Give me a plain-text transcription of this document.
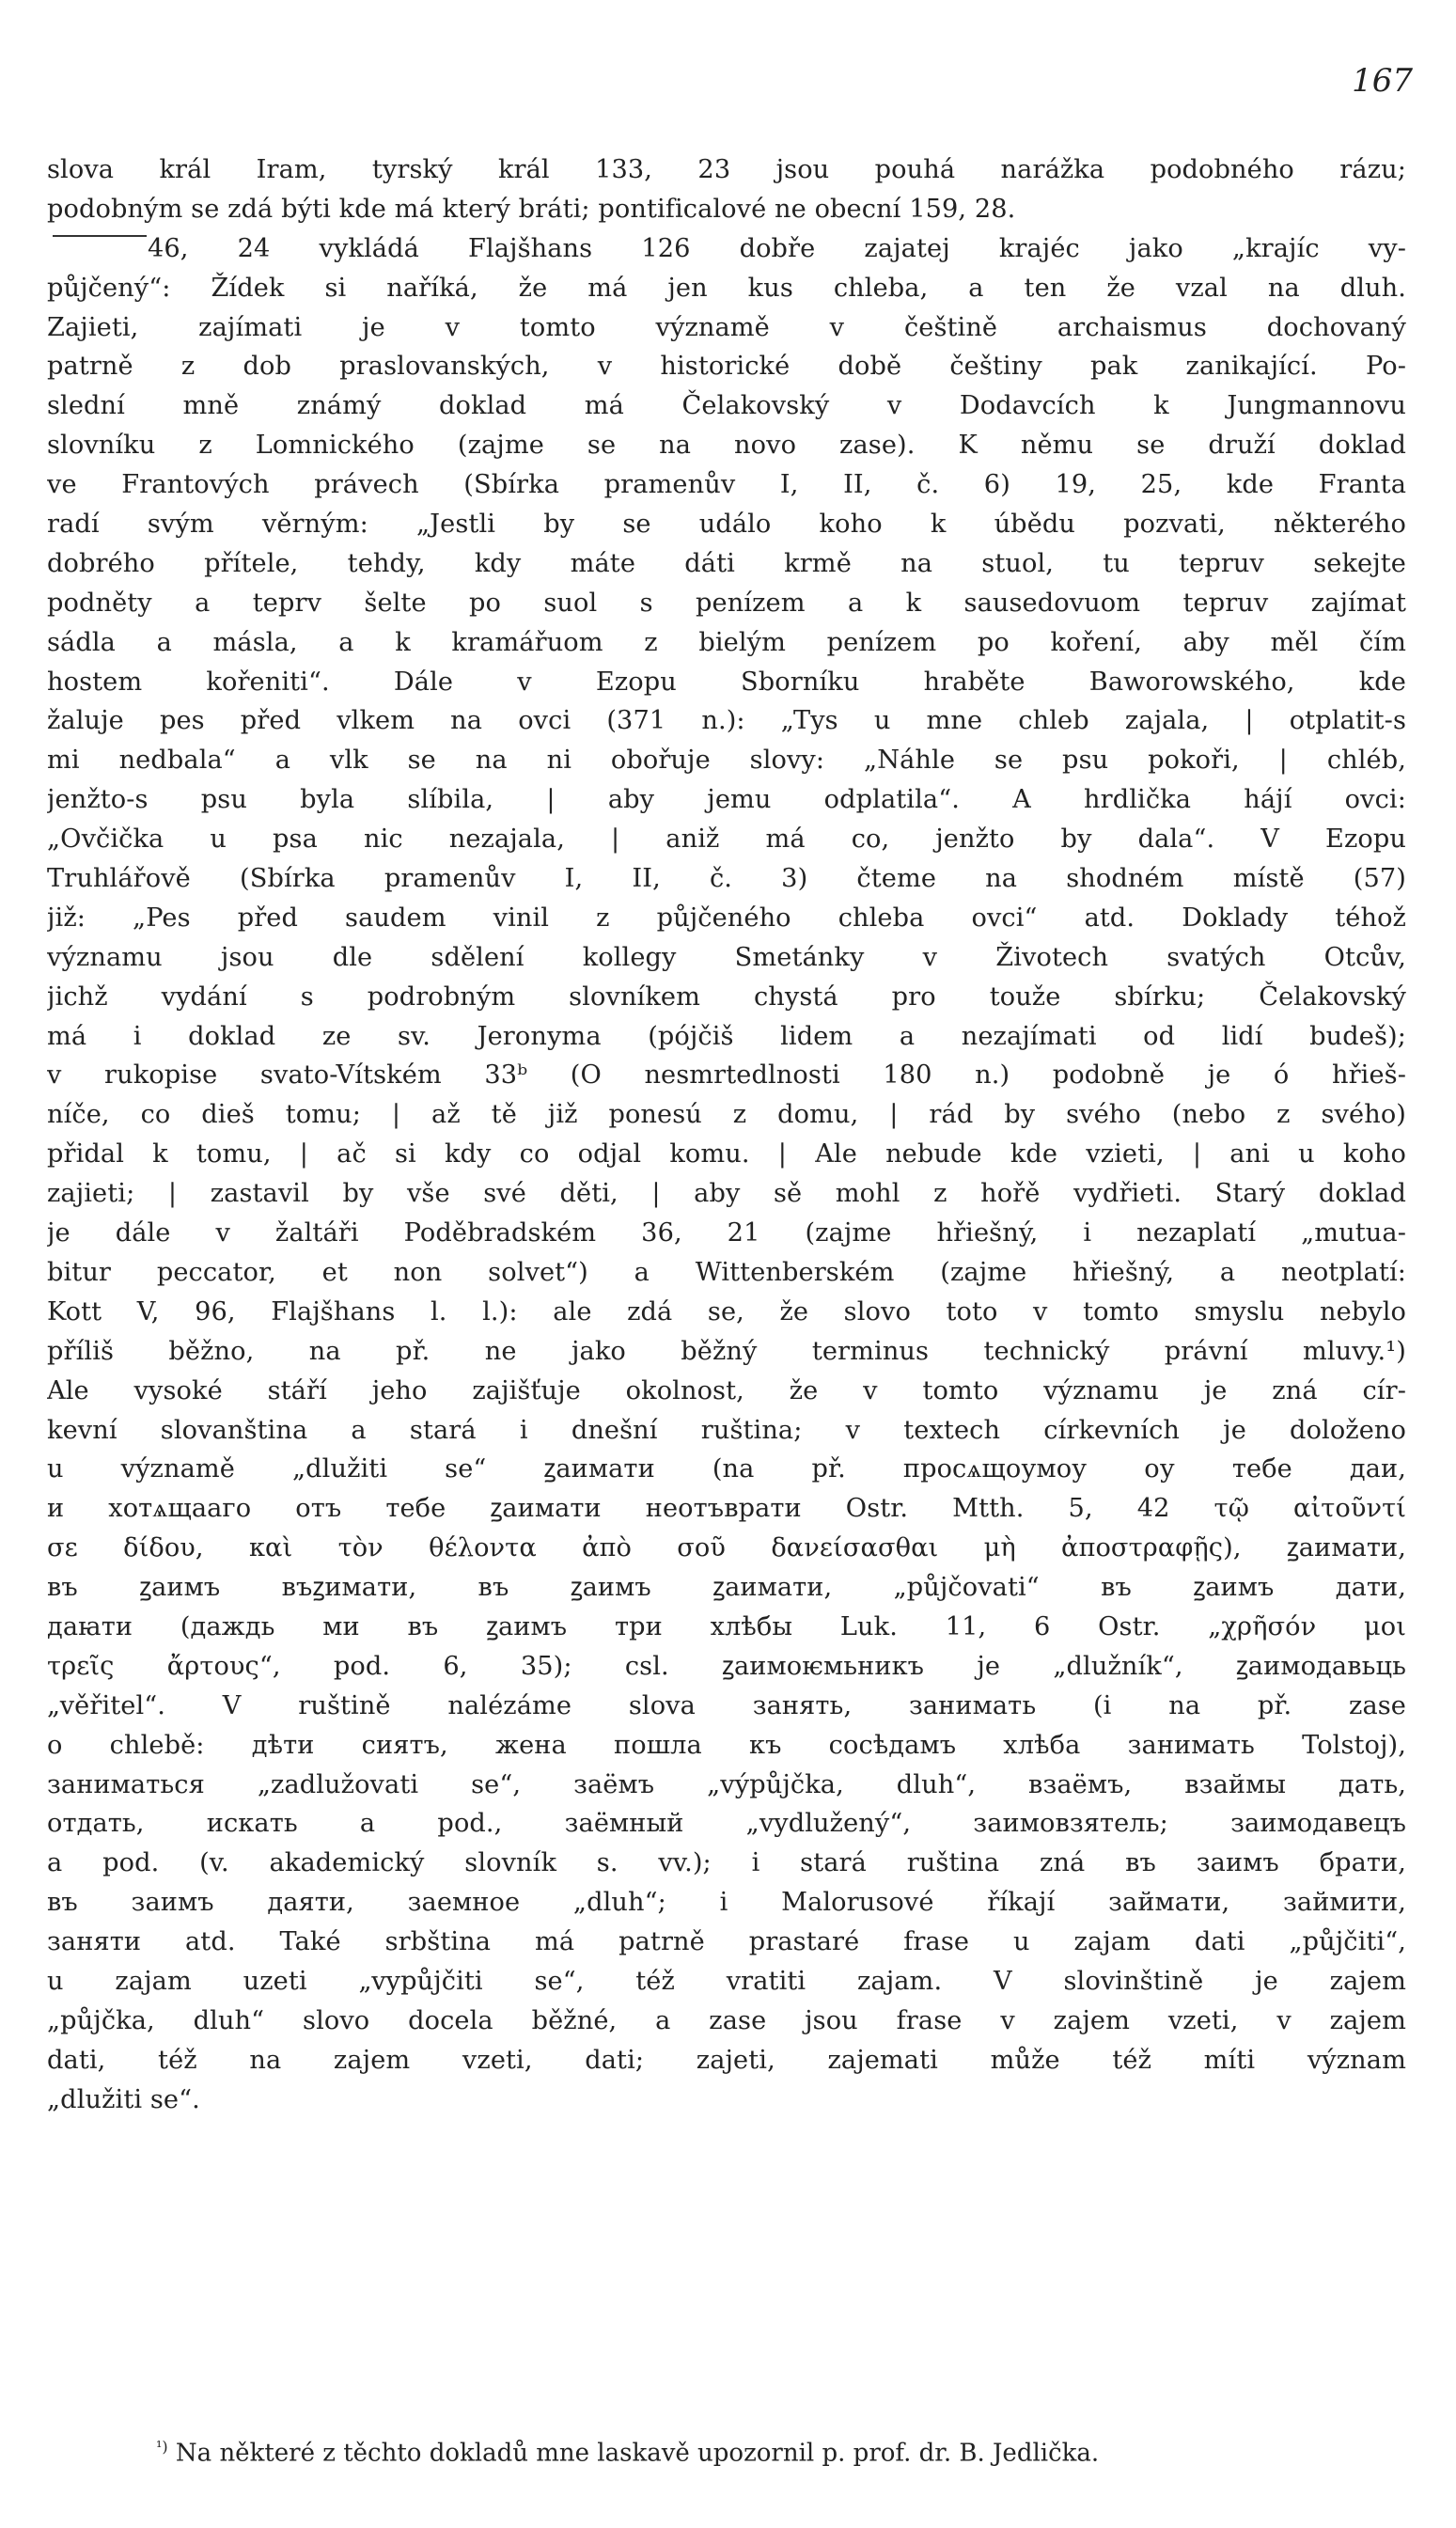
167
slova král Iram, tyrský král 133, 23 jsou pouhá narážka podobného rázu;
podobným se zdá býti kde má který bráti; pontificalové ne obecní 159, 28.
46, 24 vykládá Flajšhans 126 dobře zajatej krajéc jako „krajíc vy-
půjčený“: Žídek si naříká, že má jen kus chleba, a ten že vzal na dluh.
Zajieti, zajímati je v tomto významě v češtině archaismus dochovaný
patrně z dob praslovanských, v historické době češtiny pak zanikající. Po-
slední mně známý doklad má Čelakovský v Dodavcích k Jungmannovu
slovníku z Lomnického (zajme se na novo zase). K němu se druží doklad
ve Frantových právech (Sbírka pramenův I, II, č. 6) 19, 25, kde Franta
radí svým věrným: „Jestli by se událo koho k úbědu pozvati, některého
dobrého přítele, tehdy, kdy máte dáti krmě na stuol, tu tepruv sekejte
podněty a teprv šelte po suol s penízem a k sausedovuom tepruv zajímat
sádla a másla, a k kramářuom z bielým penízem po koření, aby měl čím
hostem kořeniti“. Dále v Ezopu Sborníku hraběte Baworowského, kde
žaluje pes před vlkem na ovci (371 n.): „Tys u mne chleb zajala, | otplatit-s
mi nedbala“ a vlk se na ni obořuje slovy: „Náhle se psu pokoři, | chléb,
jenžto-s psu byla slíbila, | aby jemu odplatila“. A hrdlička hájí ovci:
„Ovčička u psa nic nezajala, | aniž má co, jenžto by dala“. V Ezopu
Truhlářově (Sbírka pramenův I, II, č. 3) čteme na shodném místě (57)
již: „Pes před saudem vinil z půjčeného chleba ovci“ atd. Doklady téhož
významu jsou dle sdělení kollegy Smetánky v Životech svatých Otcův,
jichž vydání s podrobným slovníkem chystá pro touže sbírku; Čelakovský
má i doklad ze sv. Jeronyma (pójčiš lidem a nezajímati od lidí budeš);
v rukopise svato-Vítském 33ᵇ (O nesmrtedlnosti 180 n.) podobně je ó hřieš-
níče, co dieš tomu; | až tě již ponesú z domu, | rád by svého (nebo z svého)
přidal k tomu, | ač si kdy co odjal komu. | Ale nebude kde vzieti, | ani u koho
zajieti; | zastavil by vše své děti, | aby sě mohl z hořě vydřieti. Starý doklad
je dále v žaltáři Poděbradském 36, 21 (zajme hřiešný, i nezaplatí „mutua-
bitur peccator, et non solvet“) a Wittenberském (zajme hřiešný, a neotplatí:
Kott V, 96, Flajšhans l. l.): ale zdá se, že slovo toto v tomto smyslu nebylo
příliš běžno, na př. ne jako běžný terminus technický právní mluvy.¹)
Ale vysoké stáří jeho zajišťuje okolnost, že v tomto významu je zná cír-
kevní slovanština a stará i dnešní ruština; v textech církevních je doloženo
u významě „dlužiti se“ ꙁаимати (na př. просѧщоумоу оу тебе даи,
и хотѧщааго отъ тебе ꙁаимати неотъврати Ostr. Mtth. 5, 42 τῷ αἰτοῦντί
σε δίδου, καὶ τὸν θέλοντα ἀπὸ σοῦ δανείσασθαι μὴ ἀποστραφῇς), ꙁаимати,
въ ꙁаимъ въꙁимати, въ ꙁаимъ ꙁаимати, „půjčovati“ въ ꙁаимъ дати,
даꙗти (даждь ми въ ꙁаимъ три хлѣбы Luk. 11, 6 Ostr. „χρῆσόν μοι
τρεῖς ἄρτους“, pod. 6, 35); csl. ꙁаимоѥмьникъ je „dlužník“, ꙁаимодавьць
„věřitel“. V ruštině nalézáme slova занять, занимать (i na př. zase
o chlebě: дѣти сиятъ, жена пошла къ сосѣдамъ хлѣба занимать Tolstoj),
заниматься „zadlužovati se“, заёмъ „výpůjčka, dluh“, взаёмъ, взаймы дать,
отдать, искать a pod., заёмный „vydlužený“, заимовзятель; заимодавецъ
a pod. (v. akademický slovník s. vv.); i stará ruština zná въ заимъ брати,
въ заимъ даяти, заемное „dluh“; i Malorusové říkají займати, займити,
заняти atd. Také srbština má patrně prastaré frase u zajam dati „půjčiti“,
u zajam uzeti „vypůjčiti se“, též vratiti zajam. V slovinštině je zajem
„půjčka, dluh“ slovo docela běžné, a zase jsou frase v zajem vzeti, v zajem
dati, též na zajem vzeti, dati; zajeti, zajemati může též míti význam
„dlužiti se“.
$^{^1)}$ Na některé z těchto dokladů mne laskavě upozornil p. prof. dr. B. Jedlička.
